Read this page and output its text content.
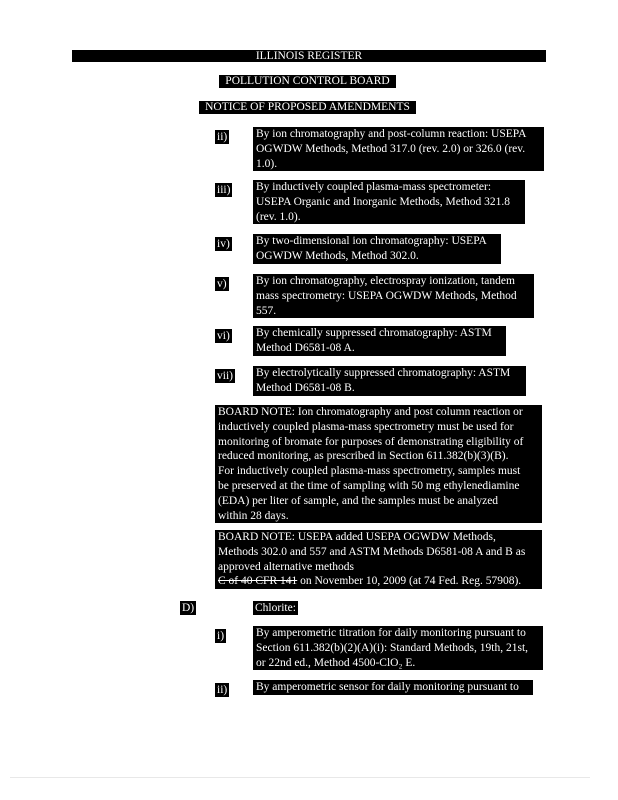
ILLINOIS REGISTER
POLLUTION CONTROL BOARD
NOTICE OF PROPOSED AMENDMENTS
ii)	By ion chromatography and post-column reaction: USEPA
OGWDW Methods, Method 317.0 (rev. 2.0) or 326.0 (rev.
1.0).
iii) By inductively coupled plasma-mass spectrometer:
USEPA Organic and Inorganic Methods, Method 321.8
(rev. 1.0).
iv) By two-dimensional ion chromatography: USEPA
OGWDW Methods, Method 302.0.
v)	By ion chromatography, electrospray ionization, tandem
mass spectrometry: USEPA OGWDW Methods, Method
557.
vi) By chemically suppressed chromatography: ASTM
Method D6581-08 A.
vii) By electrolytically suppressed chromatography: ASTM
Method D6581-08 B.
BOARD NOTE: Ion chromatography and post column reaction or
inductively coupled plasma-mass spectrometry must be used for
monitoring of bromate for purposes of demonstrating eligibility of
reduced monitoring, as prescribed in Section 611.382(b)(3)(B).
For inductively coupled plasma-mass spectrometry, samples must
be preserved at the time of sampling with 50 mg ethylenediamine
(EDA) per liter of sample, and the samples must be analyzed
within 28 days.
BOARD NOTE: USEPA added USEPA OGWDW Methods,
Methods 302.0 and 557 and ASTM Methods D6581-08 A and B as
approved alternative methods
C of 40 CFR 141 on November 10, 2009 (at 74 Fed. Reg. 57908).
D)	Chlorite:
i)	By amperometric titration for daily monitoring pursuant to
Section 611.382(b)(2)(A)(i): Standard Methods, 19th, 21st,
or 22nd ed., Method 4500-ClO₂ E.
ii)	By amperometric sensor for daily monitoring pursuant to
